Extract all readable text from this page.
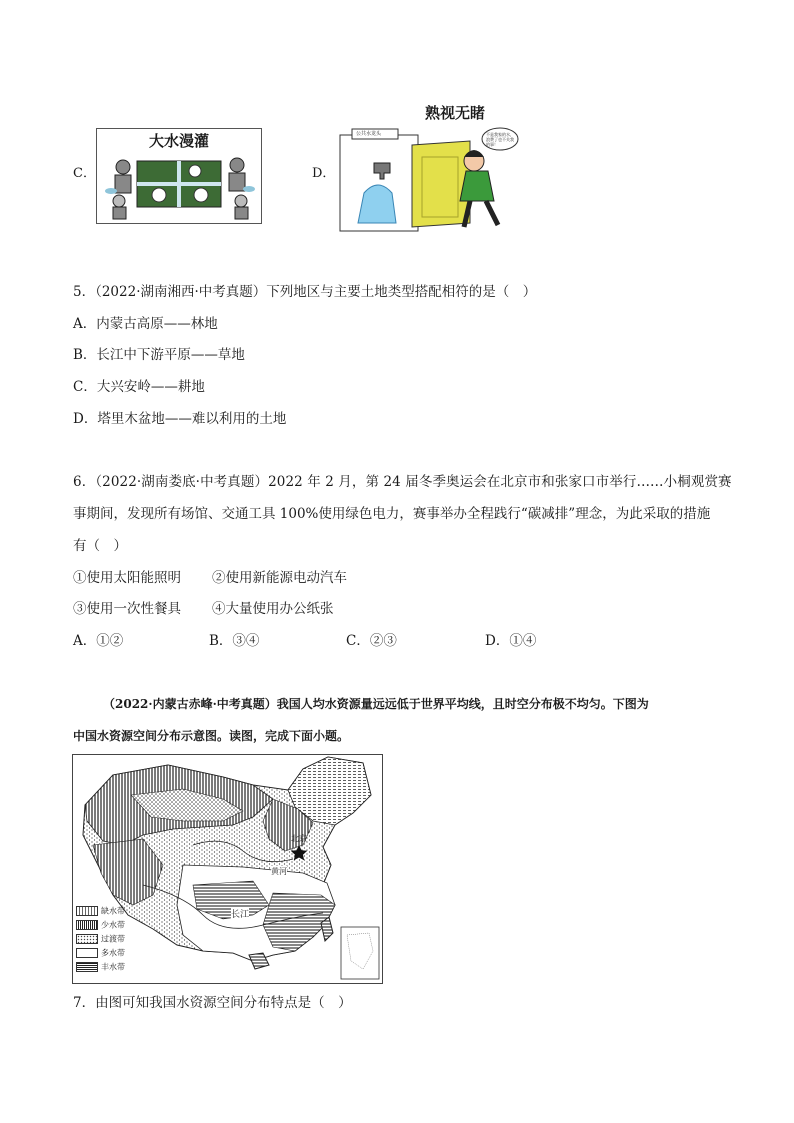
C．
大水漫灌
D．
熟视无睹
公共水龙头	不是我家的水，浪费了也不关我的事！
5．（2022·湖南湘西·中考真题）下列地区与主要土地类型搭配相符的是（　）
A．内蒙古高原——林地
B．长江中下游平原——草地
C．大兴安岭——耕地
D．塔里木盆地——难以利用的土地
6．（2022·湖南娄底·中考真题）2022 年 2 月，第 24 届冬季奥运会在北京市和张家口市举行……小桐观赏赛
事期间，发现所有场馆、交通工具 100%使用绿色电力，赛事举办全程践行“碳减排”理念，为此采取的措施
有（　）
①使用太阳能照明 ②使用新能源电动汽车
③使用一次性餐具 ④大量使用办公纸张
A．①②	B．③④	C．②③	D．①④
（2022·内蒙古赤峰·中考真题）我国人均水资源量远远低于世界平均线，且时空分布极不均匀。下图为
中国水资源空间分布示意图。读图，完成下面小题。
北京
黄河
长江
缺水带
少水带
过渡带
多水带
丰水带
7．由图可知我国水资源空间分布特点是（　）
